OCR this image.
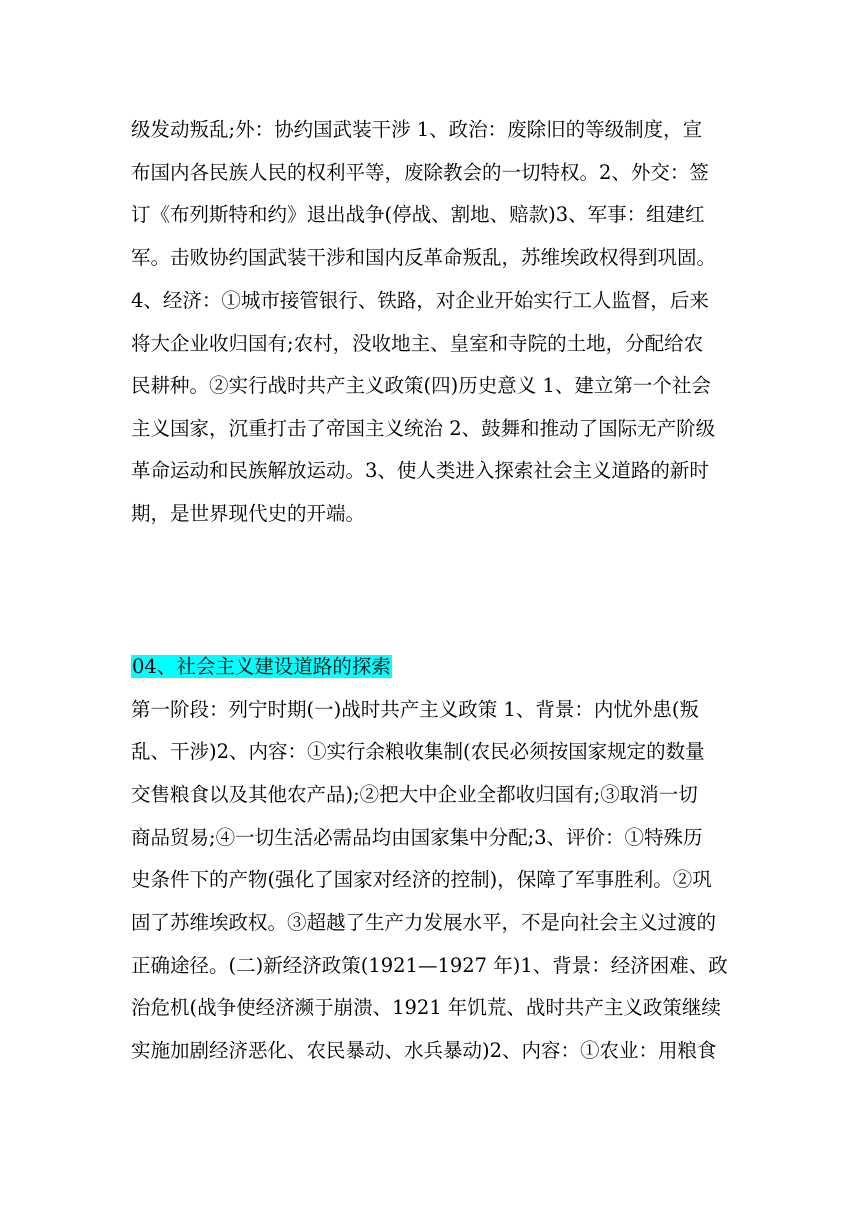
级发动叛乱;外：协约国武装干涉 1、政治：废除旧的等级制度，宣
布国内各民族人民的权利平等，废除教会的一切特权。2、外交：签
订《布列斯特和约》退出战争(停战、割地、赔款)3、军事：组建红
军。击败协约国武装干涉和国内反革命叛乱，苏维埃政权得到巩固。
4、经济：①城市接管银行、铁路，对企业开始实行工人监督，后来
将大企业收归国有;农村，没收地主、皇室和寺院的土地，分配给农
民耕种。②实行战时共产主义政策(四)历史意义 1、建立第一个社会
主义国家，沉重打击了帝国主义统治 2、鼓舞和推动了国际无产阶级
革命运动和民族解放运动。3、使人类进入探索社会主义道路的新时
期，是世界现代史的开端。
04、社会主义建设道路的探索
第一阶段：列宁时期(一)战时共产主义政策 1、背景：内忧外患(叛
乱、干涉)2、内容：①实行余粮收集制(农民必须按国家规定的数量
交售粮食以及其他农产品);②把大中企业全都收归国有;③取消一切
商品贸易;④一切生活必需品均由国家集中分配;3、评价：①特殊历
史条件下的产物(强化了国家对经济的控制)，保障了军事胜利。②巩
固了苏维埃政权。③超越了生产力发展水平，不是向社会主义过渡的
正确途径。(二)新经济政策(1921—1927 年)1、背景：经济困难、政
治危机(战争使经济濒于崩溃、1921 年饥荒、战时共产主义政策继续
实施加剧经济恶化、农民暴动、水兵暴动)2、内容：①农业：用粮食
